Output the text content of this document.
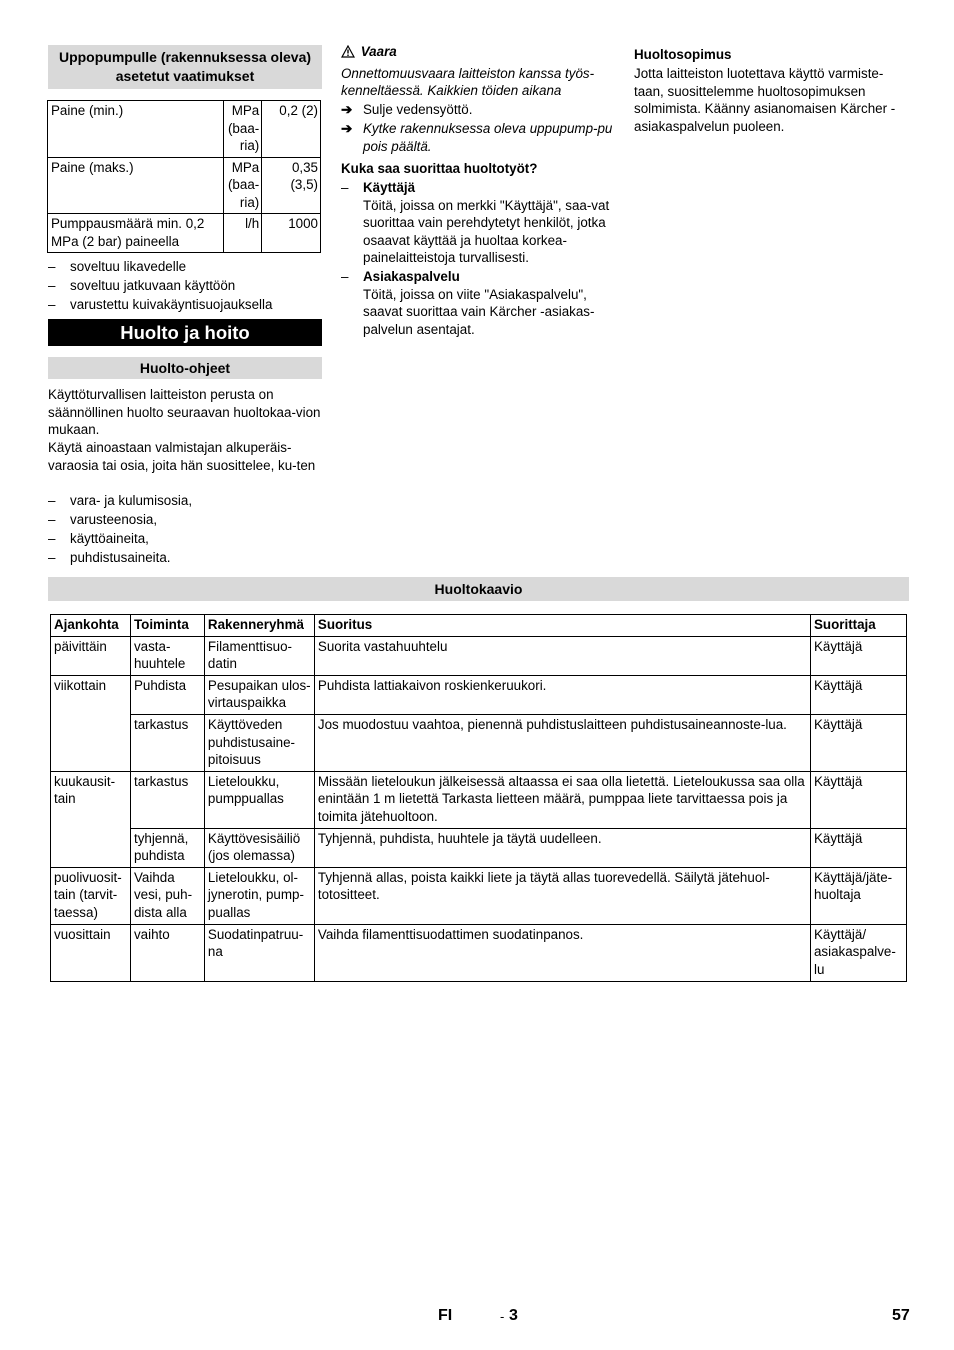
Uppopumpulle (rakennuksessa oleva) asetetut vaatimukset
Paine (min.)	MPa (baa-ria)	0,2 (2)
Paine (maks.)	MPa (baa-ria)	0,35 (3,5)
Pumppausmäärä min. 0,2 MPa (2 bar) paineella	l/h	1000
– soveltuu likavedelle
– soveltuu jatkuvaan käyttöön
– varustettu kuivakäyntisuojauksella
Huolto ja hoito
Huolto-ohjeet
Käyttöturvallisen laitteiston perusta on säännöllinen huolto seuraavan huoltokaa-vion mukaan.
Käytä ainoastaan valmistajan alkuperäis-varaosia tai osia, joita hän suosittelee, ku-ten
– vara- ja kulumisosia,
– varusteenosia,
– käyttöaineita,
– puhdistusaineita.
Vaara
Onnettomuusvaara laitteiston kanssa työs-kenneltäessä. Kaikkien töiden aikana
➔ Sulje vedensyöttö.
➔ Kytke rakennuksessa oleva uppupump-pu pois päältä.
Kuka saa suorittaa huoltotyöt?
– Käyttäjä
Töitä, joissa on merkki "Käyttäjä", saa-vat suorittaa vain perehdytetyt henkilöt, jotka osaavat käyttää ja huoltaa korkea-painelaitteistoja turvallisesti.
– Asiakaspalvelu
Töitä, joissa on viite "Asiakaspalvelu", saavat suorittaa vain Kärcher -asiakas-palvelun asentajat.
Huoltosopimus
Jotta laitteiston luotettava käyttö varmiste-taan, suosittelemme huoltosopimuksen solmimista. Käänny asianomaisen Kärcher -asiakaspalvelun puoleen.
Huoltokaavio
Ajankohta	Toiminta	Rakenneryhmä	Suoritus	Suorittaja
päivittäin	vasta-huuhtele	Filamenttisuo-datin	Suorita vastahuuhtelu	Käyttäjä
viikottain	Puhdista	Pesupaikan ulos-virtauspaikka	Puhdista lattiakaivon roskienkeruukori.	Käyttäjä
	tarkastus	Käyttöveden puhdistusaine-pitoisuus	Jos muodostuu vaahtoa, pienennä puhdistuslaitteen puhdistusaineannoste-lua.	Käyttäjä
kuukausit-tain	tarkastus	Lieteloukku, pumppuallas	Missään lieteloukun jälkeisessä altaassa ei saa olla lietettä. Lieteloukussa saa olla enintään 1 m lietettä Tarkasta lietteen määrä, pumppaa liete tarvittaessa pois ja toimita jätehuoltoon.	Käyttäjä
	tyhjennä, puhdista	Käyttövesisäiliö (jos olemassa)	Tyhjennä, puhdista, huuhtele ja täytä uudelleen.	Käyttäjä
puolivuosit-tain (tarvit-taessa)	Vaihda vesi, puh-dista alla	Lieteloukku, ol-jynerotin, pump-puallas	Tyhjennä allas, poista kaikki liete ja täytä allas tuorevedellä. Säilytä jätehuol-totositteet.	Käyttäjä/jäte-huoltaja
vuosittain	vaihto	Suodatinpatruu-na	Vaihda filamenttisuodattimen suodatinpanos.	Käyttäjä/ asiakaspalve-lu
FI	- 3	57
